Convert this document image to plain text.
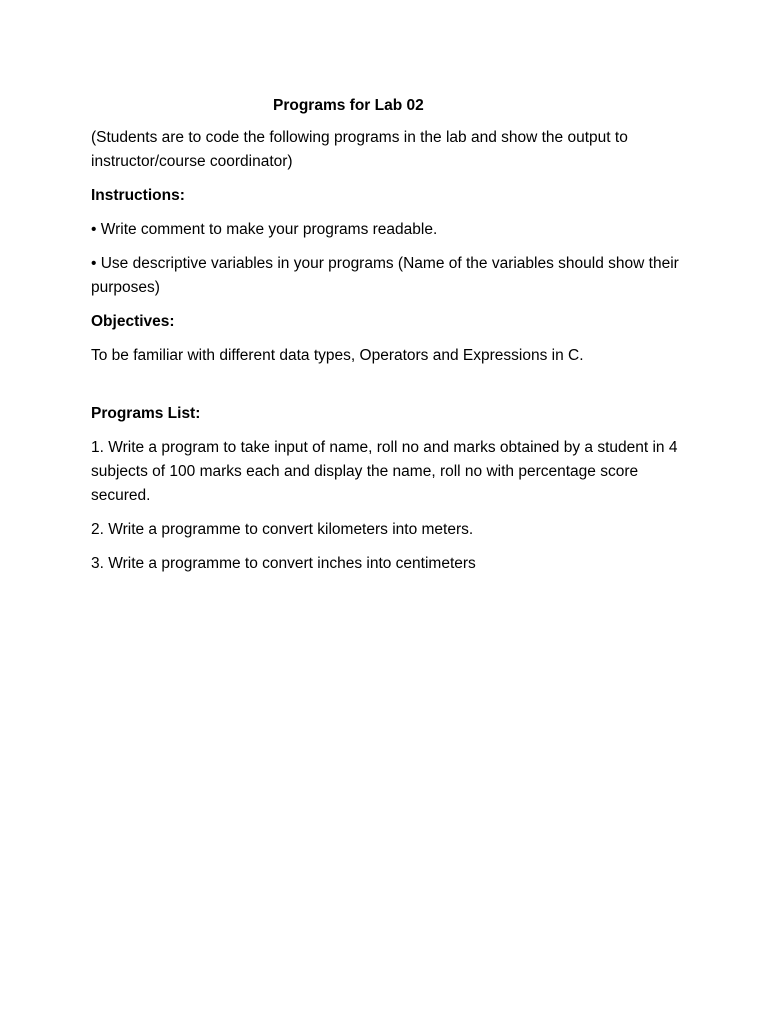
Programs for Lab 02

(Students are to code the following programs in the lab and show the output to instructor/course coordinator)

Instructions:

• Write comment to make your programs readable.

• Use descriptive variables in your programs (Name of the variables should show their purposes)

Objectives:

To be familiar with different data types, Operators and Expressions in C.

Programs List:

1. Write a program to take input of name, roll no and marks obtained by a student in 4 subjects of 100 marks each and display the name, roll no with percentage score secured.

2. Write a programme to convert kilometers into meters.

3. Write a programme to convert inches into centimeters
